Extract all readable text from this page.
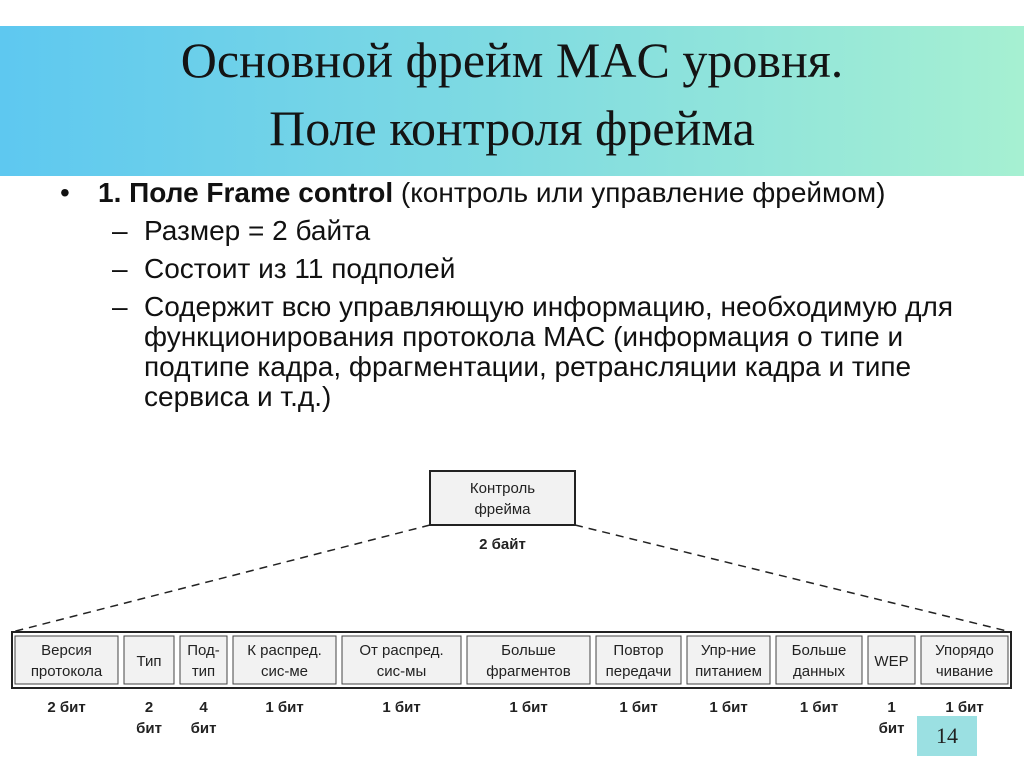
Основной фрейм MAC уровня.
Поле контроля фрейма
• 1. Поле Frame control (контроль или управление фреймом)
– Размер = 2 байта
– Состоит из 11 подполей
– Содержит всю управляющую информацию, необходимую для функционирования протокола MAC (информация о типе и подтипе кадра, фрагментации, ретрансляции кадра и типе сервиса и т.д.)
Контроль
фрейма
2 байт
Версия
протокола
2 бит
Тип
2
бит
Под-
тип
4
бит
К распред.
сис-ме
1 бит
От распред.
сис-мы
1 бит
Больше
фрагментов
1 бит
Повтор
передачи
1 бит
Упр-ние
питанием
1 бит
Больше
данных
1 бит
WEP
1
бит
Упорядо
чивание
1 бит
14
